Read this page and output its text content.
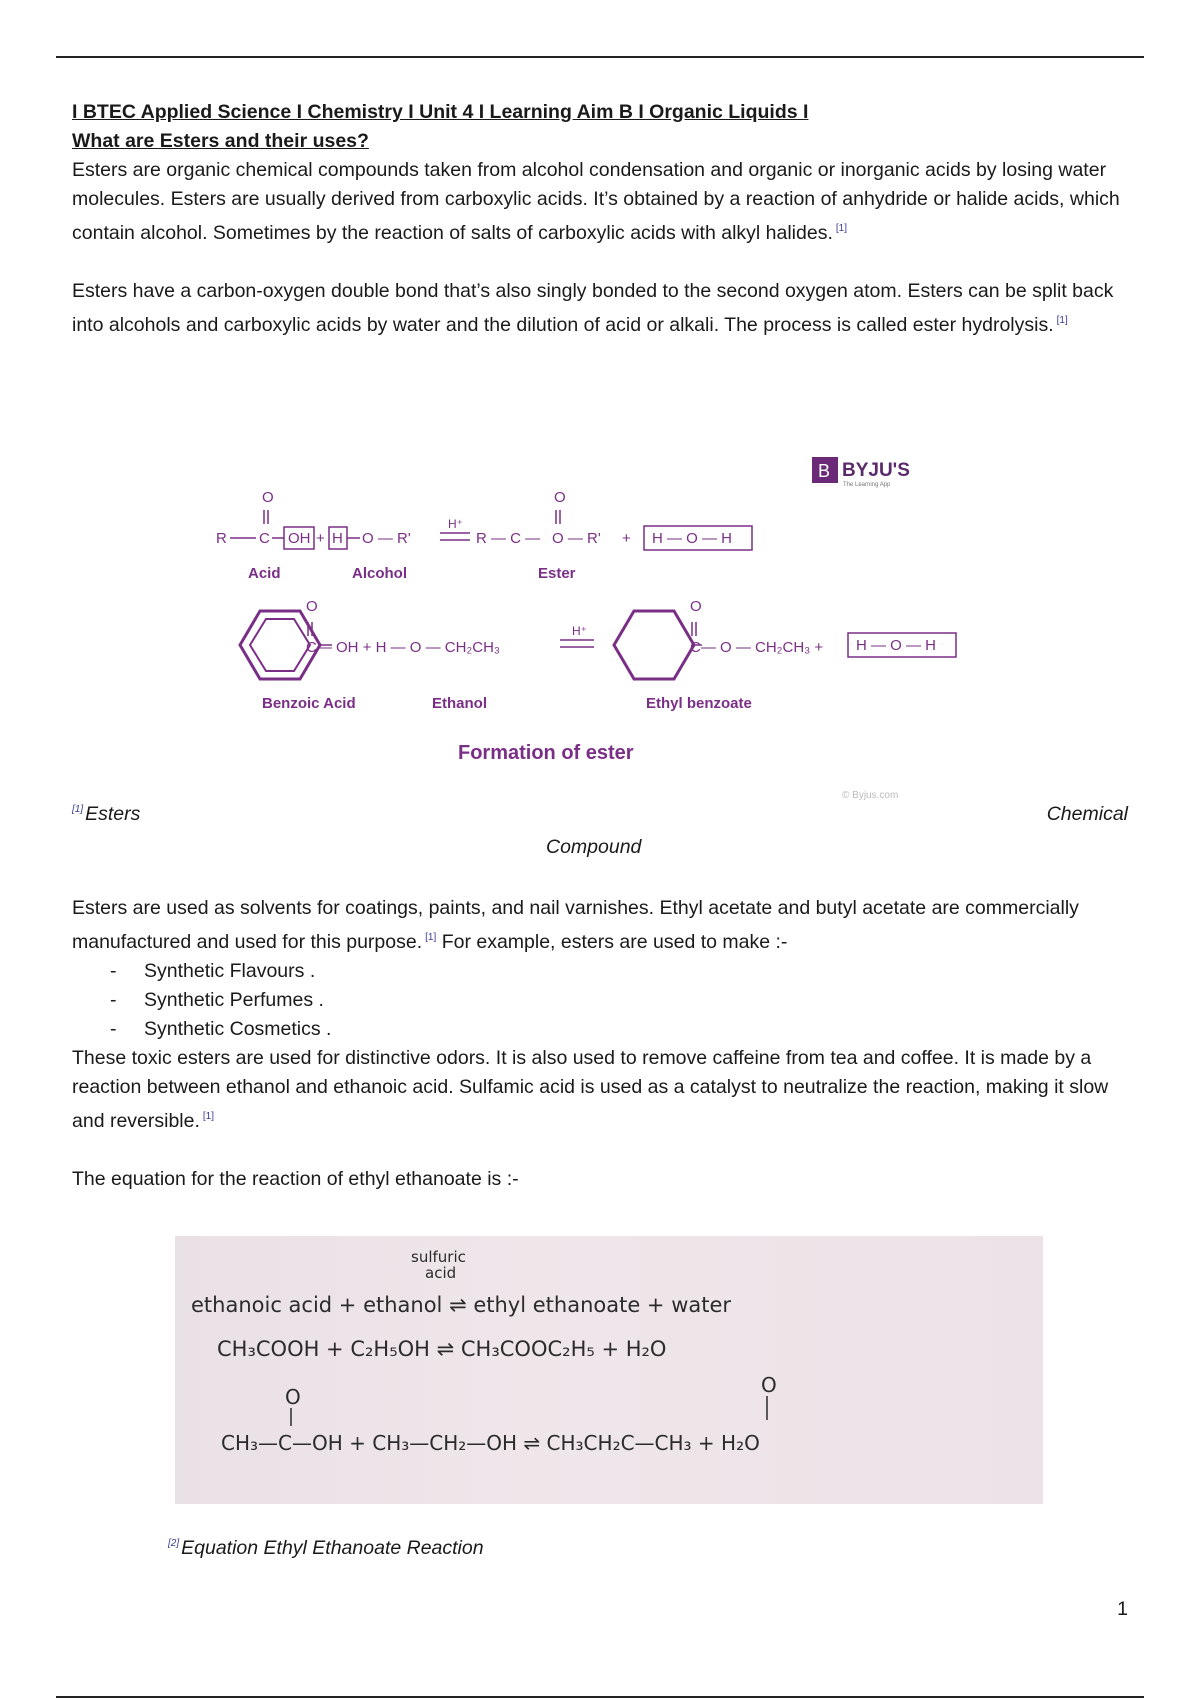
I BTEC Applied Science I Chemistry I Unit 4 I Learning Aim B I Organic Liquids I
What are Esters and their uses?

Esters are organic chemical compounds taken from alcohol condensation and organic or inorganic acids by losing water molecules. Esters are usually derived from carboxylic acids. It’s obtained by a reaction of anhydride or halide acids, which contain alcohol. Sometimes by the reaction of salts of carboxylic acids with alkyl halides. [1]

Esters have a carbon-oxygen double bond that’s also singly bonded to the second oxygen atom. Esters can be split back into alcohols and carboxylic acids by water and the dilution of acid or alkali. The process is called ester hydrolysis. [1]

B BYJU'S
The Learning App
O
R C OH + H O — R'
H⁺
R — C —
O
O — R' + H — O — H
Acid	Alcohol	Ester
O
C— OH + H — O — CH₂CH₃
H⁺
O
C— O — CH₂CH₃ + H — O — H
Benzoic Acid	Ethanol	Ethyl benzoate
Formation of ester
© Byjus.com
[1] Esters	Chemical
Compound

Esters are used as solvents for coatings, paints, and nail varnishes. Ethyl acetate and butyl acetate are commercially manufactured and used for this purpose. [1] For example, esters are used to make :-

- Synthetic Flavours .
- Synthetic Perfumes .
- Synthetic Cosmetics .

These toxic esters are used for distinctive odors. It is also used to remove caffeine from tea and coffee. It is made by a reaction between ethanol and ethanoic acid. Sulfamic acid is used as a catalyst to neutralize the reaction, making it slow and reversible. [1]

The equation for the reaction of ethyl ethanoate is :-

sulfuric
acid
ethanoic acid + ethanol ⇌ ethyl ethanoate + water
CH₃COOH + C₂H₅OH ⇌ CH₃COOC₂H₅ + H₂O
O	O
CH₃—C—OH + CH₃—CH₂—OH ⇌ CH₃CH₂C—CH₃ + H₂O
[2] Equation Ethyl Ethanoate Reaction
1
